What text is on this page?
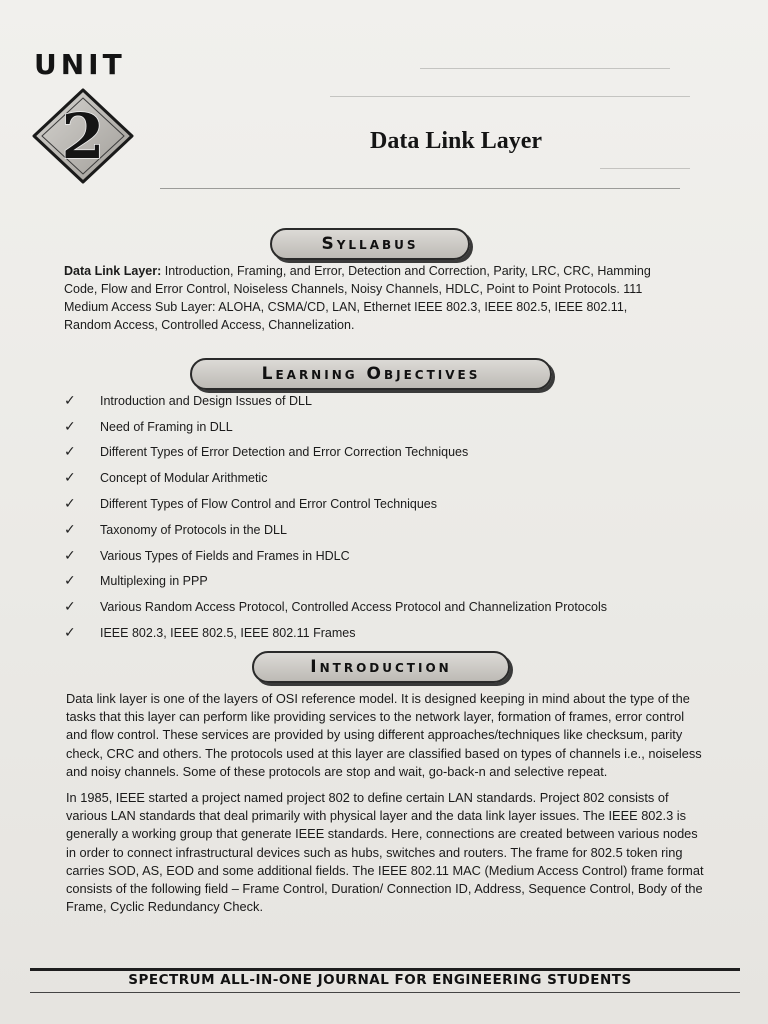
UNIT
2	Data Link Layer
Syllabus
Data Link Layer: Introduction, Framing, and Error, Detection and Correction, Parity, LRC, CRC, Hamming Code, Flow and Error Control, Noiseless Channels, Noisy Channels, HDLC, Point to Point Protocols. 111 Medium Access Sub Layer: ALOHA, CSMA/CD, LAN, Ethernet IEEE 802.3, IEEE 802.5, IEEE 802.11, Random Access, Controlled Access, Channelization.
Learning Objectives
✓	Introduction and Design Issues of DLL
✓	Need of Framing in DLL
✓	Different Types of Error Detection and Error Correction Techniques
✓	Concept of Modular Arithmetic
✓	Different Types of Flow Control and Error Control Techniques
✓	Taxonomy of Protocols in the DLL
✓	Various Types of Fields and Frames in HDLC
✓	Multiplexing in PPP
✓	Various Random Access Protocol, Controlled Access Protocol and Channelization Protocols
✓	IEEE 802.3, IEEE 802.5, IEEE 802.11 Frames
Introduction

Data link layer is one of the layers of OSI reference model. It is designed keeping in mind about the type of the tasks that this layer can perform like providing services to the network layer, formation of frames, error control and flow control. These services are provided by using different approaches/techniques like checksum, parity check, CRC and others. The protocols used at this layer are classified based on types of channels i.e., noiseless and noisy channels. Some of these protocols are stop and wait, go-back-n and selective repeat.

In 1985, IEEE started a project named project 802 to define certain LAN standards. Project 802 consists of various LAN standards that deal primarily with physical layer and the data link layer issues. The IEEE 802.3 is generally a working group that generate IEEE standards. Here, connections are created between various nodes in order to connect infrastructural devices such as hubs, switches and routers. The frame for 802.5 token ring carries SOD, AS, EOD and some additional fields. The IEEE 802.11 MAC (Medium Access Control) frame format consists of the following field – Frame Control, Duration/ Connection ID, Address, Sequence Control, Body of the Frame, Cyclic Redundancy Check.

SPECTRUM ALL-IN-ONE JOURNAL FOR ENGINEERING STUDENTS
